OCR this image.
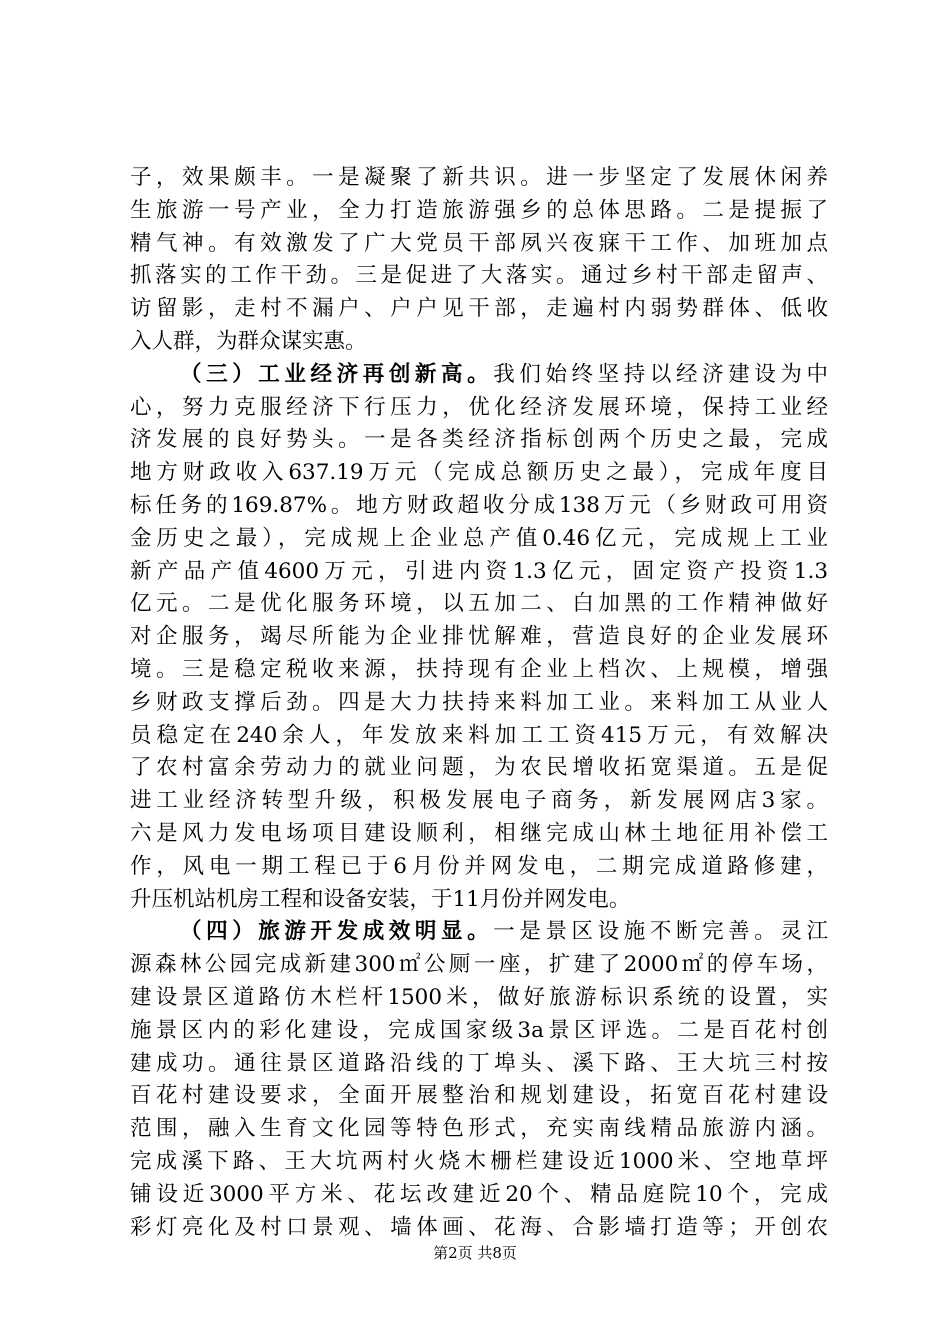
子，效果颇丰。一是凝聚了新共识。进一步坚定了发展休闲养
生旅游一号产业，全力打造旅游强乡的总体思路。二是提振了
精气神。有效激发了广大党员干部夙兴夜寐干工作、加班加点
抓落实的工作干劲。三是促进了大落实。通过乡村干部走留声、
访留影，走村不漏户、户户见干部，走遍村内弱势群体、低收
入人群，为群众谋实惠。
（三）工业经济再创新高。我们始终坚持以经济建设为中
心，努力克服经济下行压力，优化经济发展环境，保持工业经
济发展的良好势头。一是各类经济指标创两个历史之最，完成
地方财政收入637.19万元（完成总额历史之最），完成年度目
标任务的169.87%。地方财政超收分成138万元（乡财政可用资
金历史之最），完成规上企业总产值0.46亿元，完成规上工业
新产品产值4600万元，引进内资1.3亿元，固定资产投资1.3
亿元。二是优化服务环境，以五加二、白加黑的工作精神做好
对企服务，竭尽所能为企业排忧解难，营造良好的企业发展环
境。三是稳定税收来源，扶持现有企业上档次、上规模，增强
乡财政支撑后劲。四是大力扶持来料加工业。来料加工从业人
员稳定在240余人，年发放来料加工工资415万元，有效解决
了农村富余劳动力的就业问题，为农民增收拓宽渠道。五是促
进工业经济转型升级，积极发展电子商务，新发展网店3家。
六是风力发电场项目建设顺利，相继完成山林土地征用补偿工
作，风电一期工程已于6月份并网发电，二期完成道路修建，
升压机站机房工程和设备安装，于11月份并网发电。
（四）旅游开发成效明显。一是景区设施不断完善。灵江
源森林公园完成新建300㎡公厕一座，扩建了2000㎡的停车场，
建设景区道路仿木栏杆1500米，做好旅游标识系统的设置，实
施景区内的彩化建设，完成国家级3a景区评选。二是百花村创
建成功。通往景区道路沿线的丁埠头、溪下路、王大坑三村按
百花村建设要求，全面开展整治和规划建设，拓宽百花村建设
范围，融入生育文化园等特色形式，充实南线精品旅游内涵。
完成溪下路、王大坑两村火烧木栅栏建设近1000米、空地草坪
铺设近3000平方米、花坛改建近20个、精品庭院10个，完成
彩灯亮化及村口景观、墙体画、花海、合影墙打造等；开创农
第2页 共8页
